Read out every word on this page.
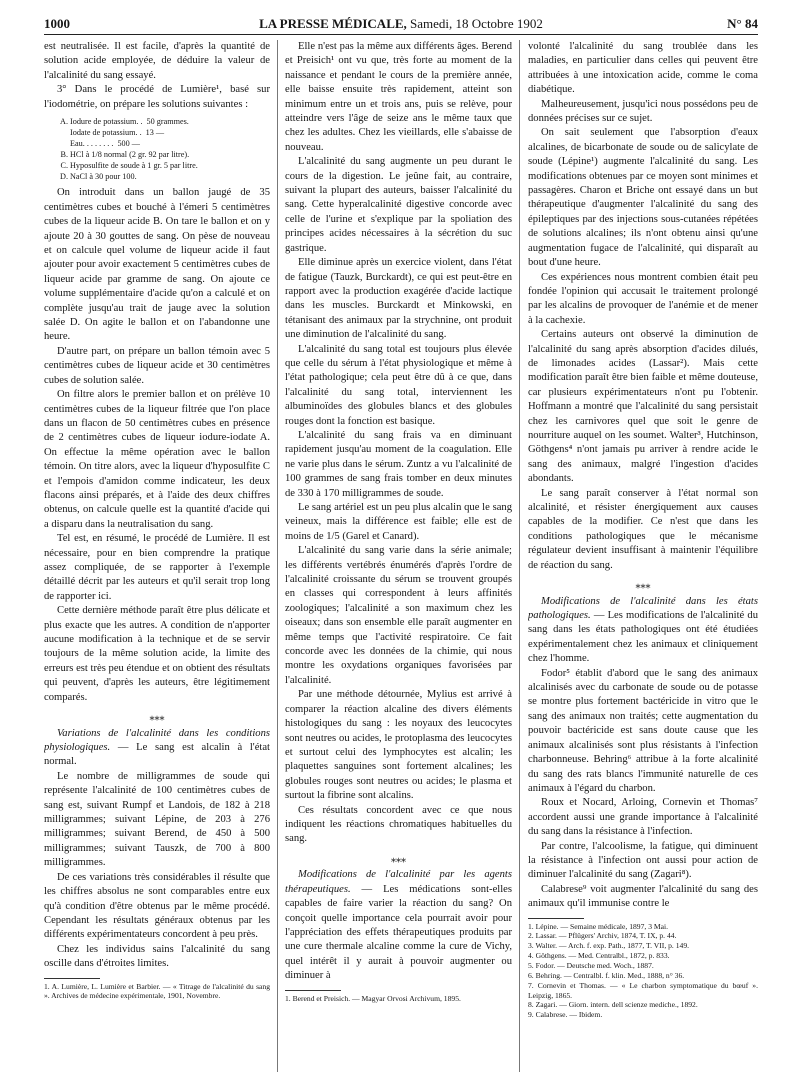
1000	LA PRESSE MÉDICALE, Samedi, 18 Octobre 1902	N° 84

est neutralisée. Il est facile, d'après la quantité de solution acide employée, de déduire la valeur de l'alcalinité du sang essayé.

3° Dans le procédé de Lumière¹, basé sur l'iodométrie, on prépare les solutions suivantes :

A. Iodure de potassium. . 50 grammes.
Iodate de potassium. . 13 —
Eau. . . . . . . . 500 —
B. HCl à 1/8 normal (2 gr. 92 par litre).
C. Hyposulfite de soude à 1 gr. 5 par litre.
D. NaCl à 30 pour 100.

On introduit dans un ballon jaugé de 35 centimètres cubes et bouché à l'émeri 5 centimètres cubes de la liqueur acide B. On tare le ballon et on y ajoute 20 à 30 gouttes de sang. On pèse de nouveau et on calcule quel volume de liqueur acide il faut ajouter pour avoir exactement 5 centimètres cubes de liqueur acide par gramme de sang. On ajoute ce volume supplémentaire d'acide qu'on a calculé et on complète jusqu'au trait de jauge avec la solution salée D. On agite le ballon et on l'abandonne une heure.

D'autre part, on prépare un ballon témoin avec 5 centimètres cubes de liqueur acide et 30 centimètres cubes de solution salée.

On filtre alors le premier ballon et on prélève 10 centimètres cubes de la liqueur filtrée que l'on place dans un flacon de 50 centimètres cubes en présence de 2 centimètres cubes de liqueur iodure-iodate A. On effectue la même opération avec le ballon témoin. On titre alors, avec la liqueur d'hyposulfite C et l'empois d'amidon comme indicateur, les deux flacons ainsi préparés, et à l'aide des deux chiffres obtenus, on calcule quelle est la quantité d'acide qui a disparu dans la neutralisation du sang.

Tel est, en résumé, le procédé de Lumière. Il est nécessaire, pour en bien comprendre la pratique assez compliquée, de se rapporter à l'exemple détaillé décrit par les auteurs et qu'il serait trop long de rapporter ici.

Cette dernière méthode paraît être plus délicate et plus exacte que les autres. A condition de n'apporter aucune modification à la technique et de se servir toujours de la même solution acide, la limite des erreurs est très peu étendue et on obtient des résultats qui peuvent, d'après les auteurs, être légitimement comparés.

⁎⁎⁎

Variations de l'alcalinité dans les conditions physiologiques. — Le sang est alcalin à l'état normal.

Le nombre de milligrammes de soude qui représente l'alcalinité de 100 centimètres cubes de sang est, suivant Rumpf et Landois, de 182 à 218 milligrammes; suivant Lépine, de 203 à 276 milligrammes; suivant Berend, de 450 à 500 milligrammes; suivant Tauszk, de 700 à 800 milligrammes.

De ces variations très considérables il résulte que les chiffres absolus ne sont comparables entre eux qu'à condition d'être obtenus par le même procédé. Cependant les résultats généraux obtenus par les différents expérimentateurs concordent à peu près.

Chez les individus sains l'alcalinité du sang oscille dans d'étroites limites.

1. A. Lumière, L. Lumière et Barbier. — « Titrage de l'alcalinité du sang ». Archives de médecine expérimentale, 1901, Novembre.

Elle n'est pas la même aux différents âges. Berend et Preisich¹ ont vu que, très forte au moment de la naissance et pendant le cours de la première année, elle baisse ensuite très rapidement, atteint son minimum entre un et trois ans, puis se relève, pour atteindre vers l'âge de seize ans le même taux que chez les adultes. Chez les vieillards, elle s'abaisse de nouveau.

L'alcalinité du sang augmente un peu durant le cours de la digestion. Le jeûne fait, au contraire, suivant la plupart des auteurs, baisser l'alcalinité du sang. Cette hyperalcalinité digestive concorde avec celle de l'urine et s'explique par la spoliation des principes acides nécessaires à la sécrétion du suc gastrique.

Elle diminue après un exercice violent, dans l'état de fatigue (Tauzk, Burckardt), ce qui est peut-être en rapport avec la production exagérée d'acide lactique dans les muscles. Burckardt et Minkowski, en tétanisant des animaux par la strychnine, ont produit une diminution de l'alcalinité du sang.

L'alcalinité du sang total est toujours plus élevée que celle du sérum à l'état physiologique et même à l'état pathologique; cela peut être dû à ce que, dans l'alcalinité du sang total, interviennent les albuminoïdes des globules blancs et des globules rouges dont la fonction est basique.

L'alcalinité du sang frais va en diminuant rapidement jusqu'au moment de la coagulation. Elle ne varie plus dans le sérum. Zuntz a vu l'alcalinité de 100 grammes de sang frais tomber en deux minutes de 330 à 170 milligrammes de soude.

Le sang artériel est un peu plus alcalin que le sang veineux, mais la différence est faible; elle est de moins de 1/5 (Garel et Canard).

L'alcalinité du sang varie dans la série animale; les différents vertébrés énumérés d'après l'ordre de l'alcalinité croissante du sérum se trouvent groupés en classes qui correspondent à leurs affinités zoologiques; l'alcalinité a son maximum chez les oiseaux; dans son ensemble elle paraît augmenter en même temps que l'activité respiratoire. Ce fait concorde avec les données de la chimie, qui nous montre les oxydations organiques favorisées par l'alcalinité.

Par une méthode détournée, Mylius est arrivé à comparer la réaction alcaline des divers éléments histologiques du sang : les noyaux des leucocytes sont neutres ou acides, le protoplasma des leucocytes et surtout celui des lymphocytes est alcalin; les plaquettes sanguines sont fortement alcalines; les globules rouges sont neutres ou acides; le plasma et surtout la fibrine sont alcalins.

Ces résultats concordent avec ce que nous indiquent les réactions chromatiques habituelles du sang.

⁎⁎⁎

Modifications de l'alcalinité par les agents thérapeutiques. — Les médications sont-elles capables de faire varier la réaction du sang? On conçoit quelle importance cela pourrait avoir pour l'appréciation des effets thérapeutiques produits par une cure thermale alcaline comme la cure de Vichy, quel intérêt il y aurait à pouvoir augmenter ou diminuer à

1. Berend et Preisich. — Magyar Orvosi Archivum, 1895.

volonté l'alcalinité du sang troublée dans les maladies, en particulier dans celles qui peuvent être attribuées à une intoxication acide, comme le coma diabétique.

Malheureusement, jusqu'ici nous possédons peu de données précises sur ce sujet.

On sait seulement que l'absorption d'eaux alcalines, de bicarbonate de soude ou de salicylate de soude (Lépine¹) augmente l'alcalinité du sang. Les modifications obtenues par ce moyen sont minimes et passagères. Charon et Briche ont essayé dans un but thérapeutique d'augmenter l'alcalinité du sang des épileptiques par des injections sous-cutanées répétées de solutions alcalines; ils n'ont obtenu ainsi qu'une augmentation fugace de l'alcalinité, qui disparaît au bout d'une heure.

Ces expériences nous montrent combien était peu fondée l'opinion qui accusait le traitement prolongé par les alcalins de provoquer de l'anémie et de mener à la cachexie.

Certains auteurs ont observé la diminution de l'alcalinité du sang après absorption d'acides dilués, de limonades acides (Lassar²). Mais cette modification paraît être bien faible et même douteuse, car plusieurs expérimentateurs n'ont pu l'obtenir. Hoffmann a montré que l'alcalinité du sang persistait chez les carnivores quel que soit le genre de nourriture auquel on les soumet. Walter³, Hutchinson, Göthgens⁴ n'ont jamais pu arriver à rendre acide le sang des animaux, malgré l'ingestion d'acides abondants.

Le sang paraît conserver à l'état normal son alcalinité, et résister énergiquement aux causes capables de la modifier. Ce n'est que dans les conditions pathologiques que le mécanisme régulateur devient insuffisant à maintenir l'équilibre de réaction du sang.

⁎⁎⁎

Modifications de l'alcalinité dans les états pathologiques. — Les modifications de l'alcalinité du sang dans les états pathologiques ont été étudiées expérimentalement chez les animaux et cliniquement chez l'homme.

Fodor⁵ établit d'abord que le sang des animaux alcalinisés avec du carbonate de soude ou de potasse se montre plus fortement bactéricide in vitro que le sang des animaux non traités; cette augmentation du pouvoir bactéricide est sans doute cause que les animaux alcalinisés sont plus résistants à l'infection charbonneuse. Behring⁶ attribue à la forte alcalinité du sang des rats blancs l'immunité naturelle de ces animaux à l'égard du charbon.

Roux et Nocard, Arloing, Cornevin et Thomas⁷ accordent aussi une grande importance à l'alcalinité du sang dans la résistance à l'infection.

Par contre, l'alcoolisme, la fatigue, qui diminuent la résistance à l'infection ont aussi pour action de diminuer l'alcalinité du sang (Zagari⁸).

Calabrese⁹ voit augmenter l'alcalinité du sang des animaux qu'il immunise contre le

1. Lépine. — Semaine médicale, 1897, 3 Mai.
2. Lassar. — Pflügers' Archiv, 1874, T. IX, p. 44.
3. Walter. — Arch. f. exp. Path., 1877, T. VII, p. 149.
4. Göthgens. — Med. Centralbl., 1872, p. 833.
5. Fodor. — Deutsche med. Woch., 1887.
6. Behring. — Centralbl. f. klin. Med., 1888, n° 36.
7. Cornevin et Thomas. — « Le charbon symptomatique du bœuf ». Leipzig, 1865.
8. Zagari. — Giorn. intern. dell scienze mediche., 1892.
9. Calabrese. — Ibidem.
